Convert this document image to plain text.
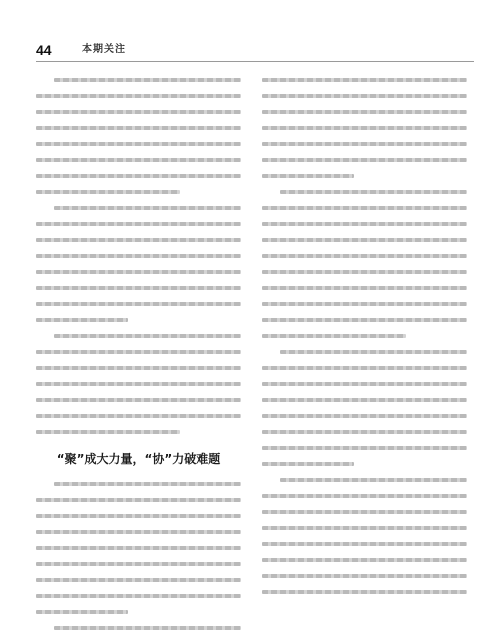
44	本期关注
“聚”成大力量，“协”力破难题
